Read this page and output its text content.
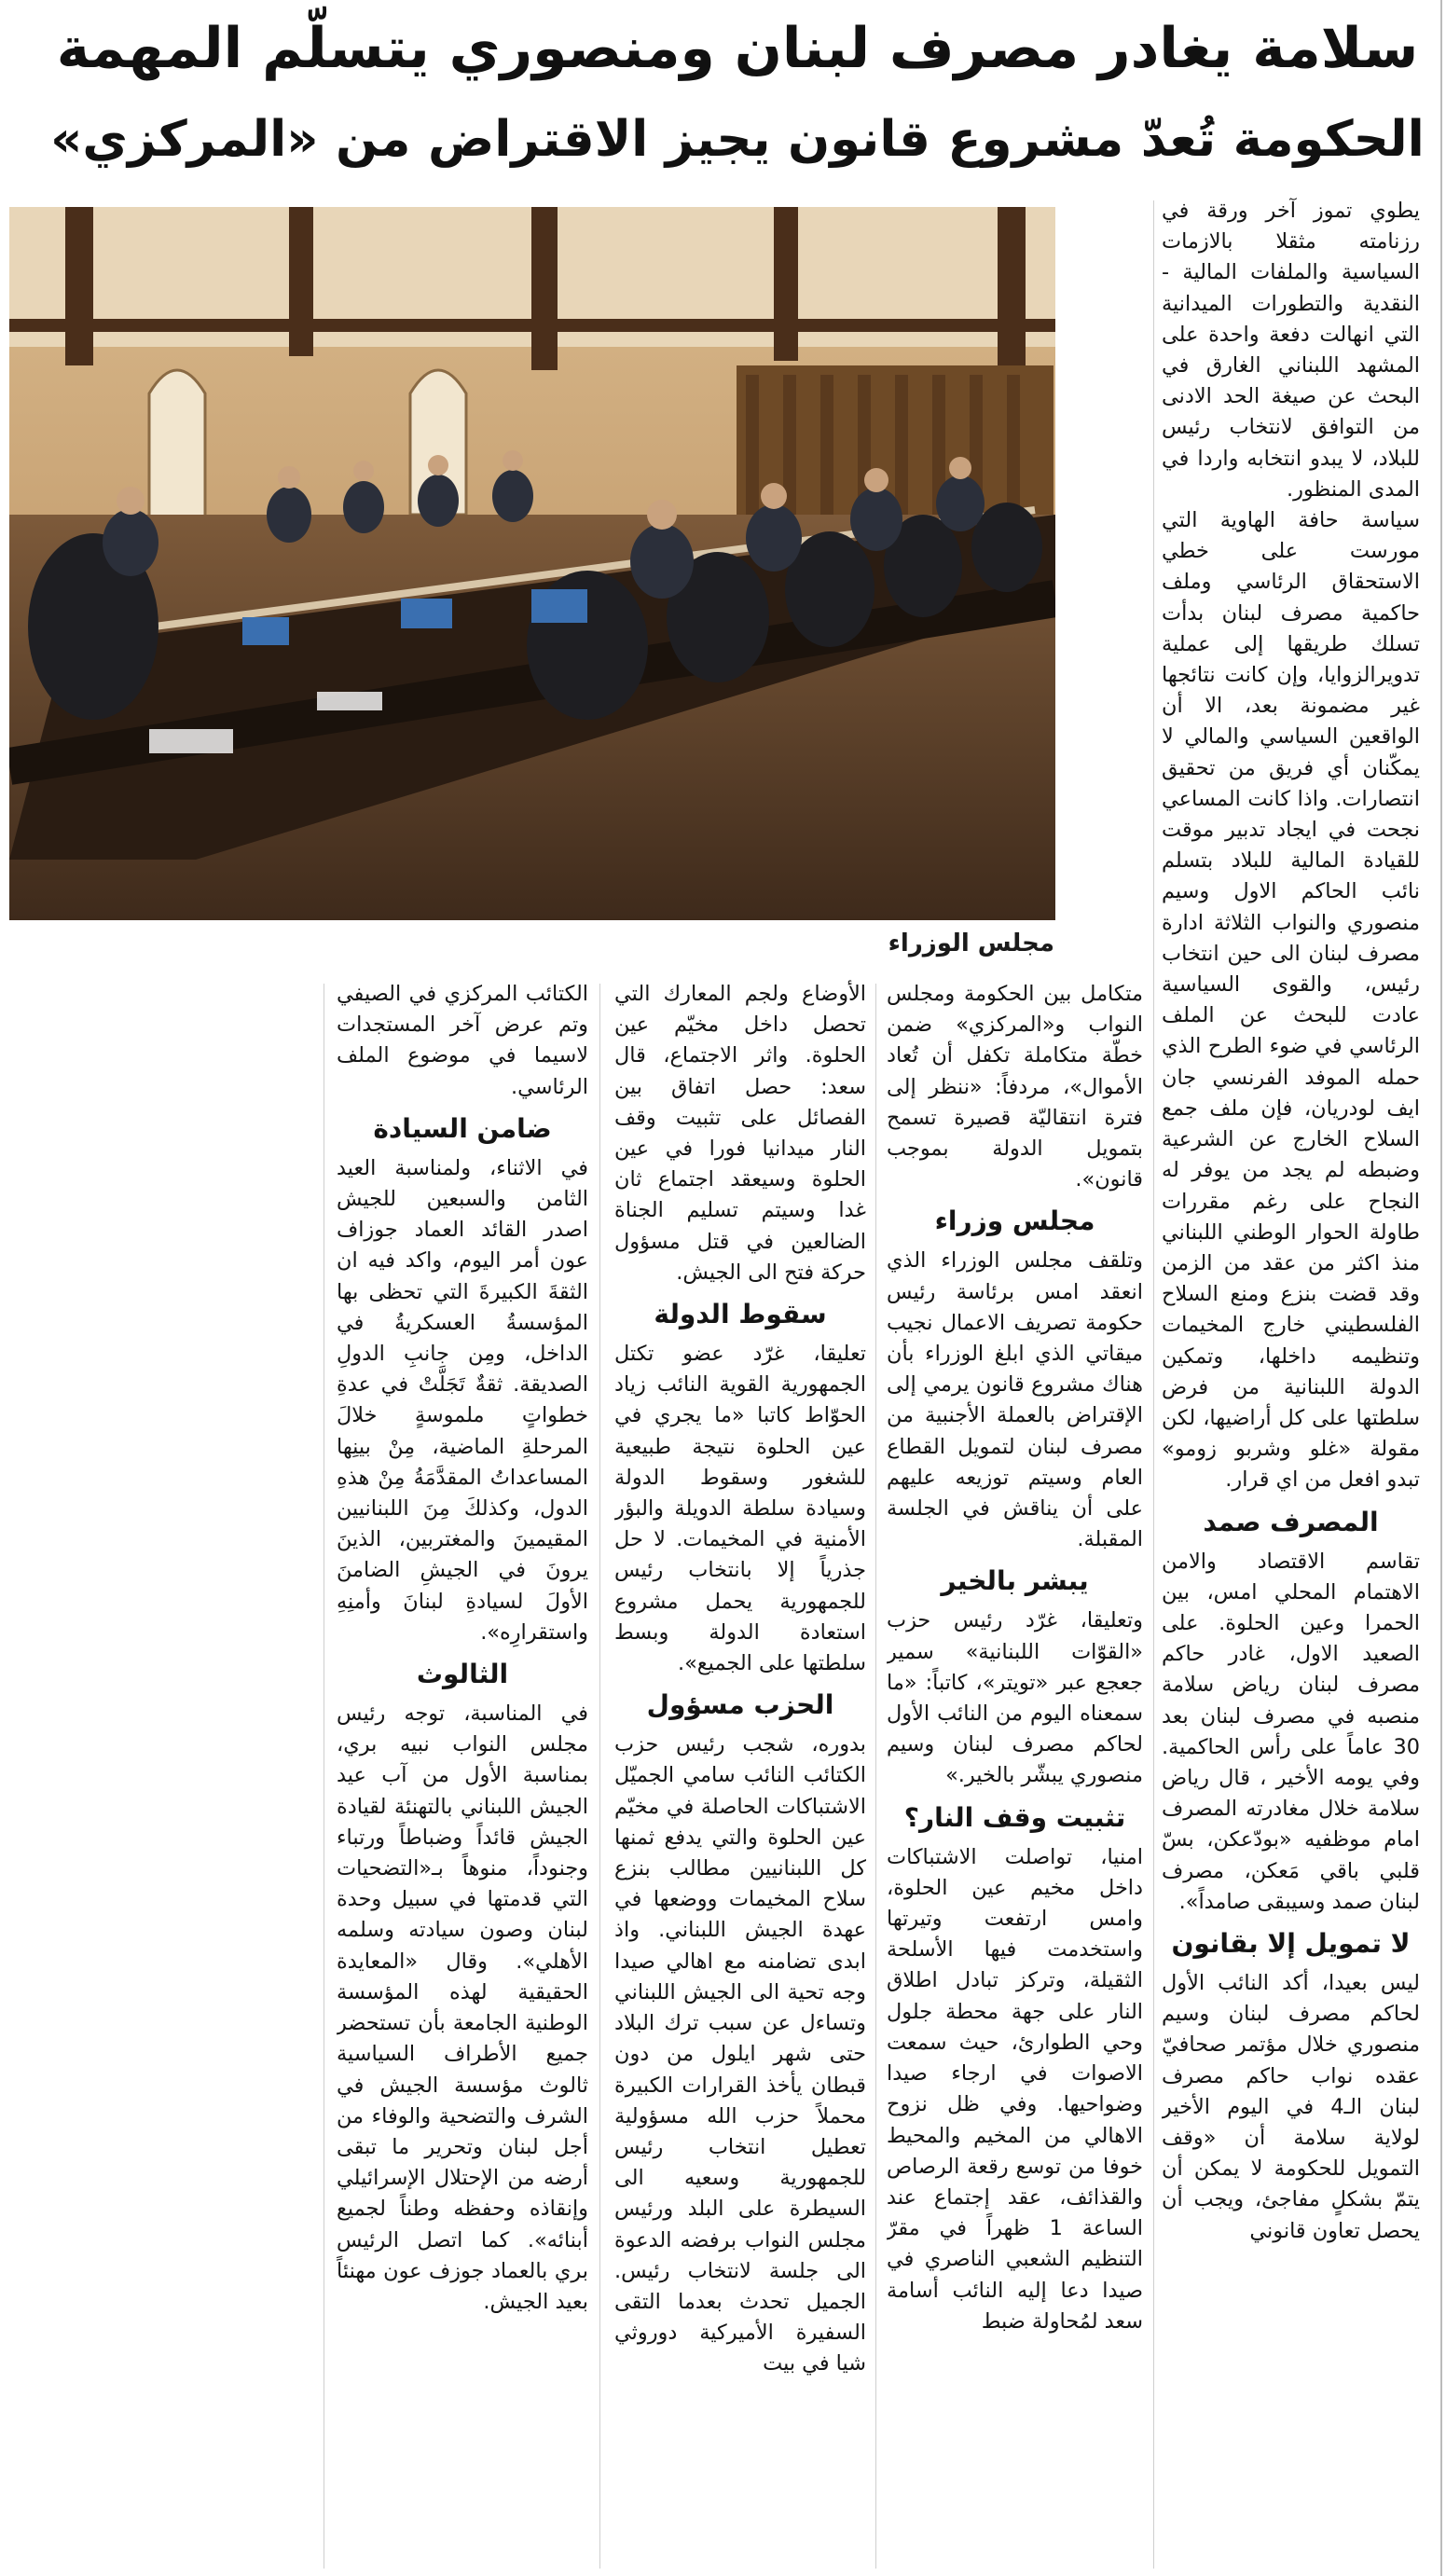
سلامة يغادر مصرف لبنان ومنصوري يتسلّم المهمة
الحكومة تُعدّ مشروع قانون يجيز الاقتراض من «المركزي»
مجلس الوزراء

يطوي تموز آخر ورقة في رزنامته مثقلا بالازمات السياسية والملفات المالية - النقدية والتطورات الميدانية التي انهالت دفعة واحدة على المشهد اللبناني الغارق في البحث عن صيغة الحد الادنى من التوافق لانتخاب رئيس للبلاد، لا يبدو انتخابه واردا في المدى المنظور.

سياسة حافة الهاوية التي مورست على خطي الاستحقاق الرئاسي وملف حاكمية مصرف لبنان بدأت تسلك طريقها إلى عملية تدويرالزوايا، وإن كانت نتائجها غير مضمونة بعد، الا أن الواقعين السياسي والمالي لا يمكّنان أي فريق من تحقيق انتصارات. واذا كانت المساعي نجحت في ايجاد تدبير موقت للقيادة المالية للبلاد بتسلم نائب الحاكم الاول وسيم منصوري والنواب الثلاثة ادارة مصرف لبنان الى حين انتخاب رئيس، والقوى السياسية عادت للبحث عن الملف الرئاسي في ضوء الطرح الذي حمله الموفد الفرنسي جان ايف لودريان، فإن ملف جمع السلاح الخارج عن الشرعية وضبطه لم يجد من يوفر له النجاح على رغم مقررات طاولة الحوار الوطني اللبناني منذ اكثر من عقد من الزمن وقد قضت بنزع ومنع السلاح الفلسطيني خارج المخيمات وتنظيمه داخلها، وتمكين الدولة اللبنانية من فرض سلطتها على كل أراضيها، لكن مقولة «غلو وشربو زومو» تبدو افعل من اي قرار.

المصرف صمد

تقاسم الاقتصاد والامن الاهتمام المحلي امس، بين الحمرا وعين الحلوة. على الصعيد الاول، غادر حاكم مصرف لبنان رياض سلامة منصبه في مصرف لبنان بعد 30 عاماً على رأس الحاكمية. وفي يومه الأخير ، قال رياض سلامة خلال مغادرته المصرف امام موظفيه «بودّعكن، بسّ قلبي باقي مَعكن، مصرف لبنان صمد وسيبقى صامداً».

لا تمويل إلا بقانون

ليس بعيدا، أكد النائب الأول لحاكم مصرف لبنان وسيم منصوري خلال مؤتمر صحافيّ عقده نواب حاكم مصرف لبنان الـ4 في اليوم الأخير لولاية سلامة أن «وقف التمويل للحكومة لا يمكن أن يتمّ بشكلٍ مفاجئ، ويجب أن يحصل تعاون قانوني

متكامل بين الحكومة ومجلس النواب و«المركزي» ضمن خطّة متكاملة تكفل أن تُعاد الأموال»، مردفاً: «ننظر إلى فترة انتقاليّة قصيرة تسمح بتمويل الدولة بموجب قانون».

مجلس وزراء

وتلقف مجلس الوزراء الذي انعقد امس برئاسة رئيس حكومة تصريف الاعمال نجيب ميقاتي الذي ابلغ الوزراء بأن هناك مشروع قانون يرمي إلى الإقتراض بالعملة الأجنبية من مصرف لبنان لتمويل القطاع العام وسيتم توزيعه عليهم على أن يناقش في الجلسة المقبلة.

يبشر بالخير

وتعليقا، غرّد رئيس حزب «القوّات اللبنانية» سمير جعجع عبر «تويتر»، كاتباً: «ما سمعناه اليوم من النائب الأول لحاكم مصرف لبنان وسيم منصوري يبشّر بالخير.»

تثبيت وقف النار؟

امنيا، تواصلت الاشتباكات داخل مخيم عين الحلوة، وامس ارتفعت وتيرتها واستخدمت فيها الأسلحة الثقيلة، وتركز تبادل اطلاق النار على جهة محطة جلول وحي الطوارئ، حيث سمعت الاصوات في ارجاء صيدا وضواحيها. وفي ظل نزوح الاهالي من المخيم والمحيط خوفا من توسع رقعة الرصاص والقذائف، عقد إجتماع عند الساعة 1 ظهراً في مقرّ التنظيم الشعبي الناصري في صيدا دعا إليه النائب أسامة سعد لمُحاولة ضبط

الأوضاع ولجم المعارك التي تحصل داخل مخيّم عين الحلوة. واثر الاجتماع، قال سعد: حصل اتفاق بين الفصائل على تثبيت وقف النار ميدانيا فورا في عين الحلوة وسيعقد اجتماع ثان غدا وسيتم تسليم الجناة الضالعين في قتل مسؤول حركة فتح الى الجيش.

سقوط الدولة

تعليقا، غرّد عضو تكتل الجمهورية القوية النائب زياد الحوّاط كاتبا «ما يجري في عين الحلوة نتيجة طبيعية للشغور وسقوط الدولة وسيادة سلطة الدويلة والبؤر الأمنية في المخيمات. لا حل جذرياً إلا بانتخاب رئيس للجمهورية يحمل مشروع استعادة الدولة وبسط سلطتها على الجميع».

الحزب مسؤول

بدوره، شجب رئيس حزب الكتائب النائب سامي الجميّل الاشتباكات الحاصلة في مخيّم عين الحلوة والتي يدفع ثمنها كل اللبنانيين مطالب بنزع سلاح المخيمات ووضعها في عهدة الجيش اللبناني. واذ ابدى تضامنه مع اهالي صيدا وجه تحية الى الجيش اللبناني وتساءل عن سبب ترك البلاد حتى شهر ايلول من دون قبطان يأخذ القرارات الكبيرة محملاً حزب الله مسؤولية تعطيل انتخاب رئيس للجمهورية وسعيه الى السيطرة على البلد ورئيس مجلس النواب برفضه الدعوة الى جلسة لانتخاب رئيس. الجميل تحدث بعدما التقى السفيرة الأميركية دوروثي شيا في بيت

الكتائب المركزي في الصيفي وتم عرض آخر المستجدات لاسيما في موضوع الملف الرئاسي.

ضامن السيادة

في الاثناء، ولمناسبة العيد الثامن والسبعين للجيش اصدر القائد العماد جوزاف عون أمر اليوم، واكد فيه ان الثقةَ الكبيرةَ التي تحظى بها المؤسسةُ العسكريةُ في الداخل، ومِن جانبِ الدولِ الصديقة. ثقةٌ تَجَلَّتْ في عدةِ خطواتٍ ملموسةٍ خلالَ المرحلةِ الماضية، مِنْ بينِها المساعداتُ المقدَّمَةُ مِنْ هذهِ الدول، وكذلكَ مِنَ اللبنانيين المقيمينَ والمغتربين، الذينَ يرونَ في الجيشِ الضامنَ الأولَ لسيادةِ لبنانَ وأمنِهِ واستقرارِه».

الثالوث

في المناسبة، توجه رئيس مجلس النواب نبيه بري، بمناسبة الأول من آب عيد الجيش اللبناني بالتهنئة لقيادة الجيش قائداً وضباطاً ورتباء وجنوداً، منوهاً بـ«التضحيات التي قدمتها في سبيل وحدة لبنان وصون سيادته وسلمه الأهلي». وقال «المعايدة الحقيقية لهذه المؤسسة الوطنية الجامعة بأن تستحضر جميع الأطراف السياسية ثالوث مؤسسة الجيش في الشرف والتضحية والوفاء من أجل لبنان وتحرير ما تبقى أرضه من الإحتلال الإسرائيلي وإنقاذه وحفظه وطناً لجميع أبنائه». كما اتصل الرئيس بري بالعماد جوزف عون مهنئاً بعيد الجيش.
